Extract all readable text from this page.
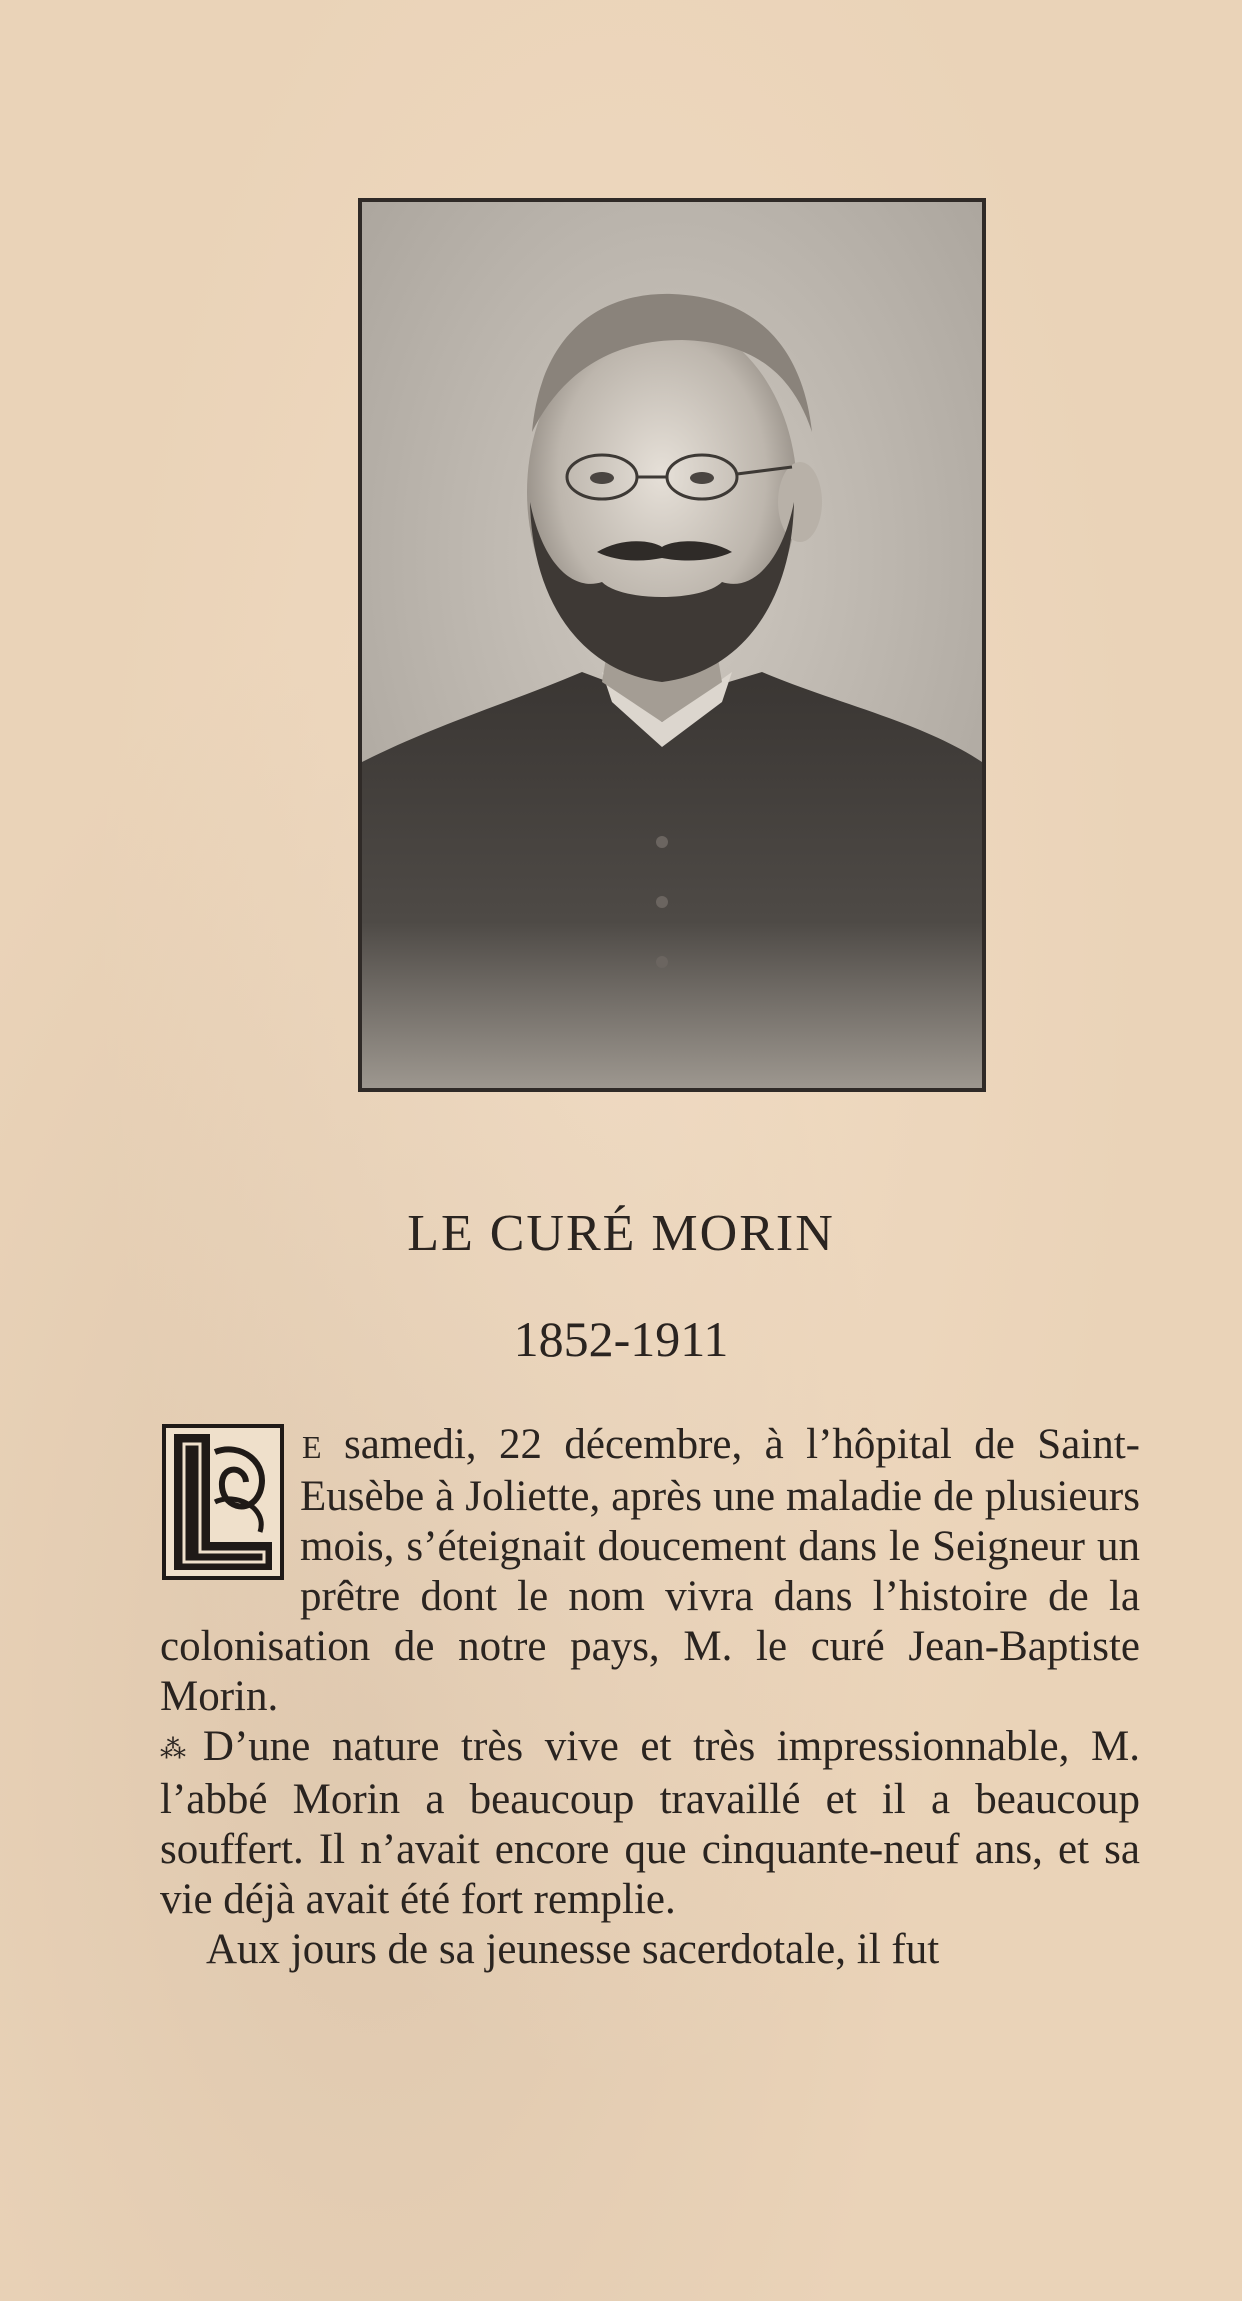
LE CURÉ MORIN
1852-1911

E samedi, 22 décembre, à l’hôpital de Saint-Eusèbe à Joliette, après une maladie de plusieurs mois, s’éteignait doucement dans le Seigneur un prêtre dont le nom vivra dans l’histoire de la colonisation de notre pays, M. le curé Jean-Baptiste Morin.

⁂ D’une nature très vive et très impressionnable, M. l’abbé Morin a beaucoup travaillé et il a beaucoup souffert. Il n’avait encore que cinquante-neuf ans, et sa vie déjà avait été fort remplie.

Aux jours de sa jeunesse sacerdotale, il fut
